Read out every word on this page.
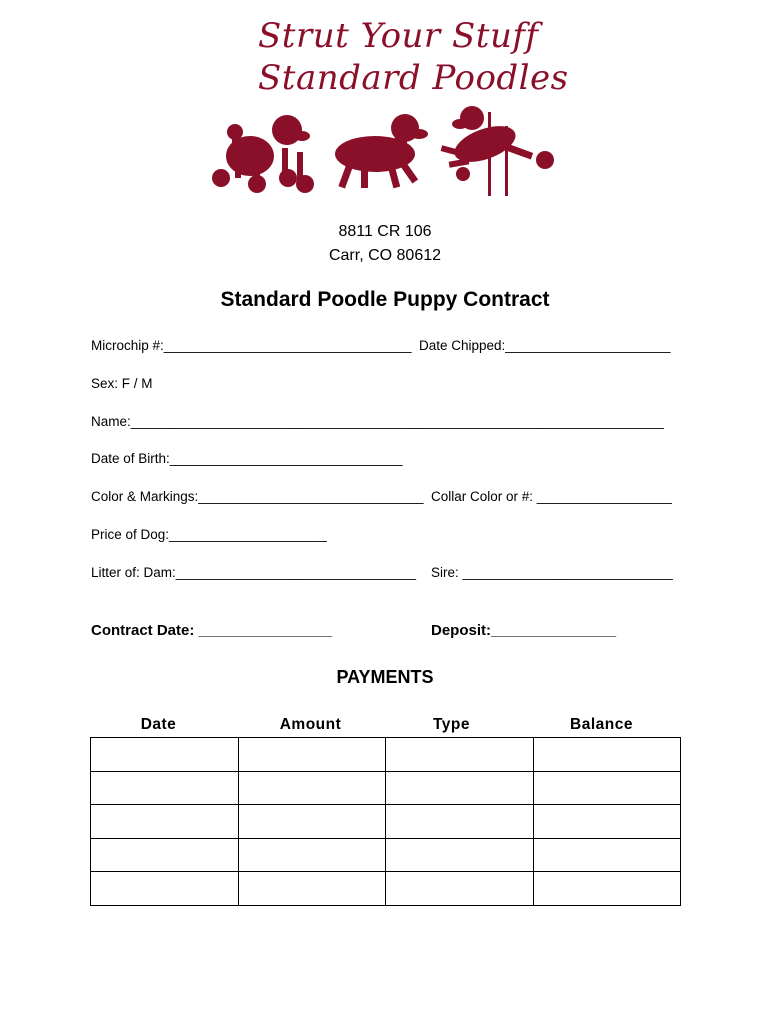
Strut Your Stuff
Standard Poodles
8811 CR 106
Carr, CO 80612
Standard Poodle Puppy Contract
Microchip #:_________________________________ Date Chipped:______________________
Sex: F / M
Name:_______________________________________________________________________
Date of Birth:_______________________________
Color & Markings:______________________________ Collar Color or #: __________________
Price of Dog:_____________________
Litter of: Dam:________________________________ Sire: ____________________________
Contract Date: ________________	Deposit:_______________
PAYMENTS
Date	Amount	Type	Balance
